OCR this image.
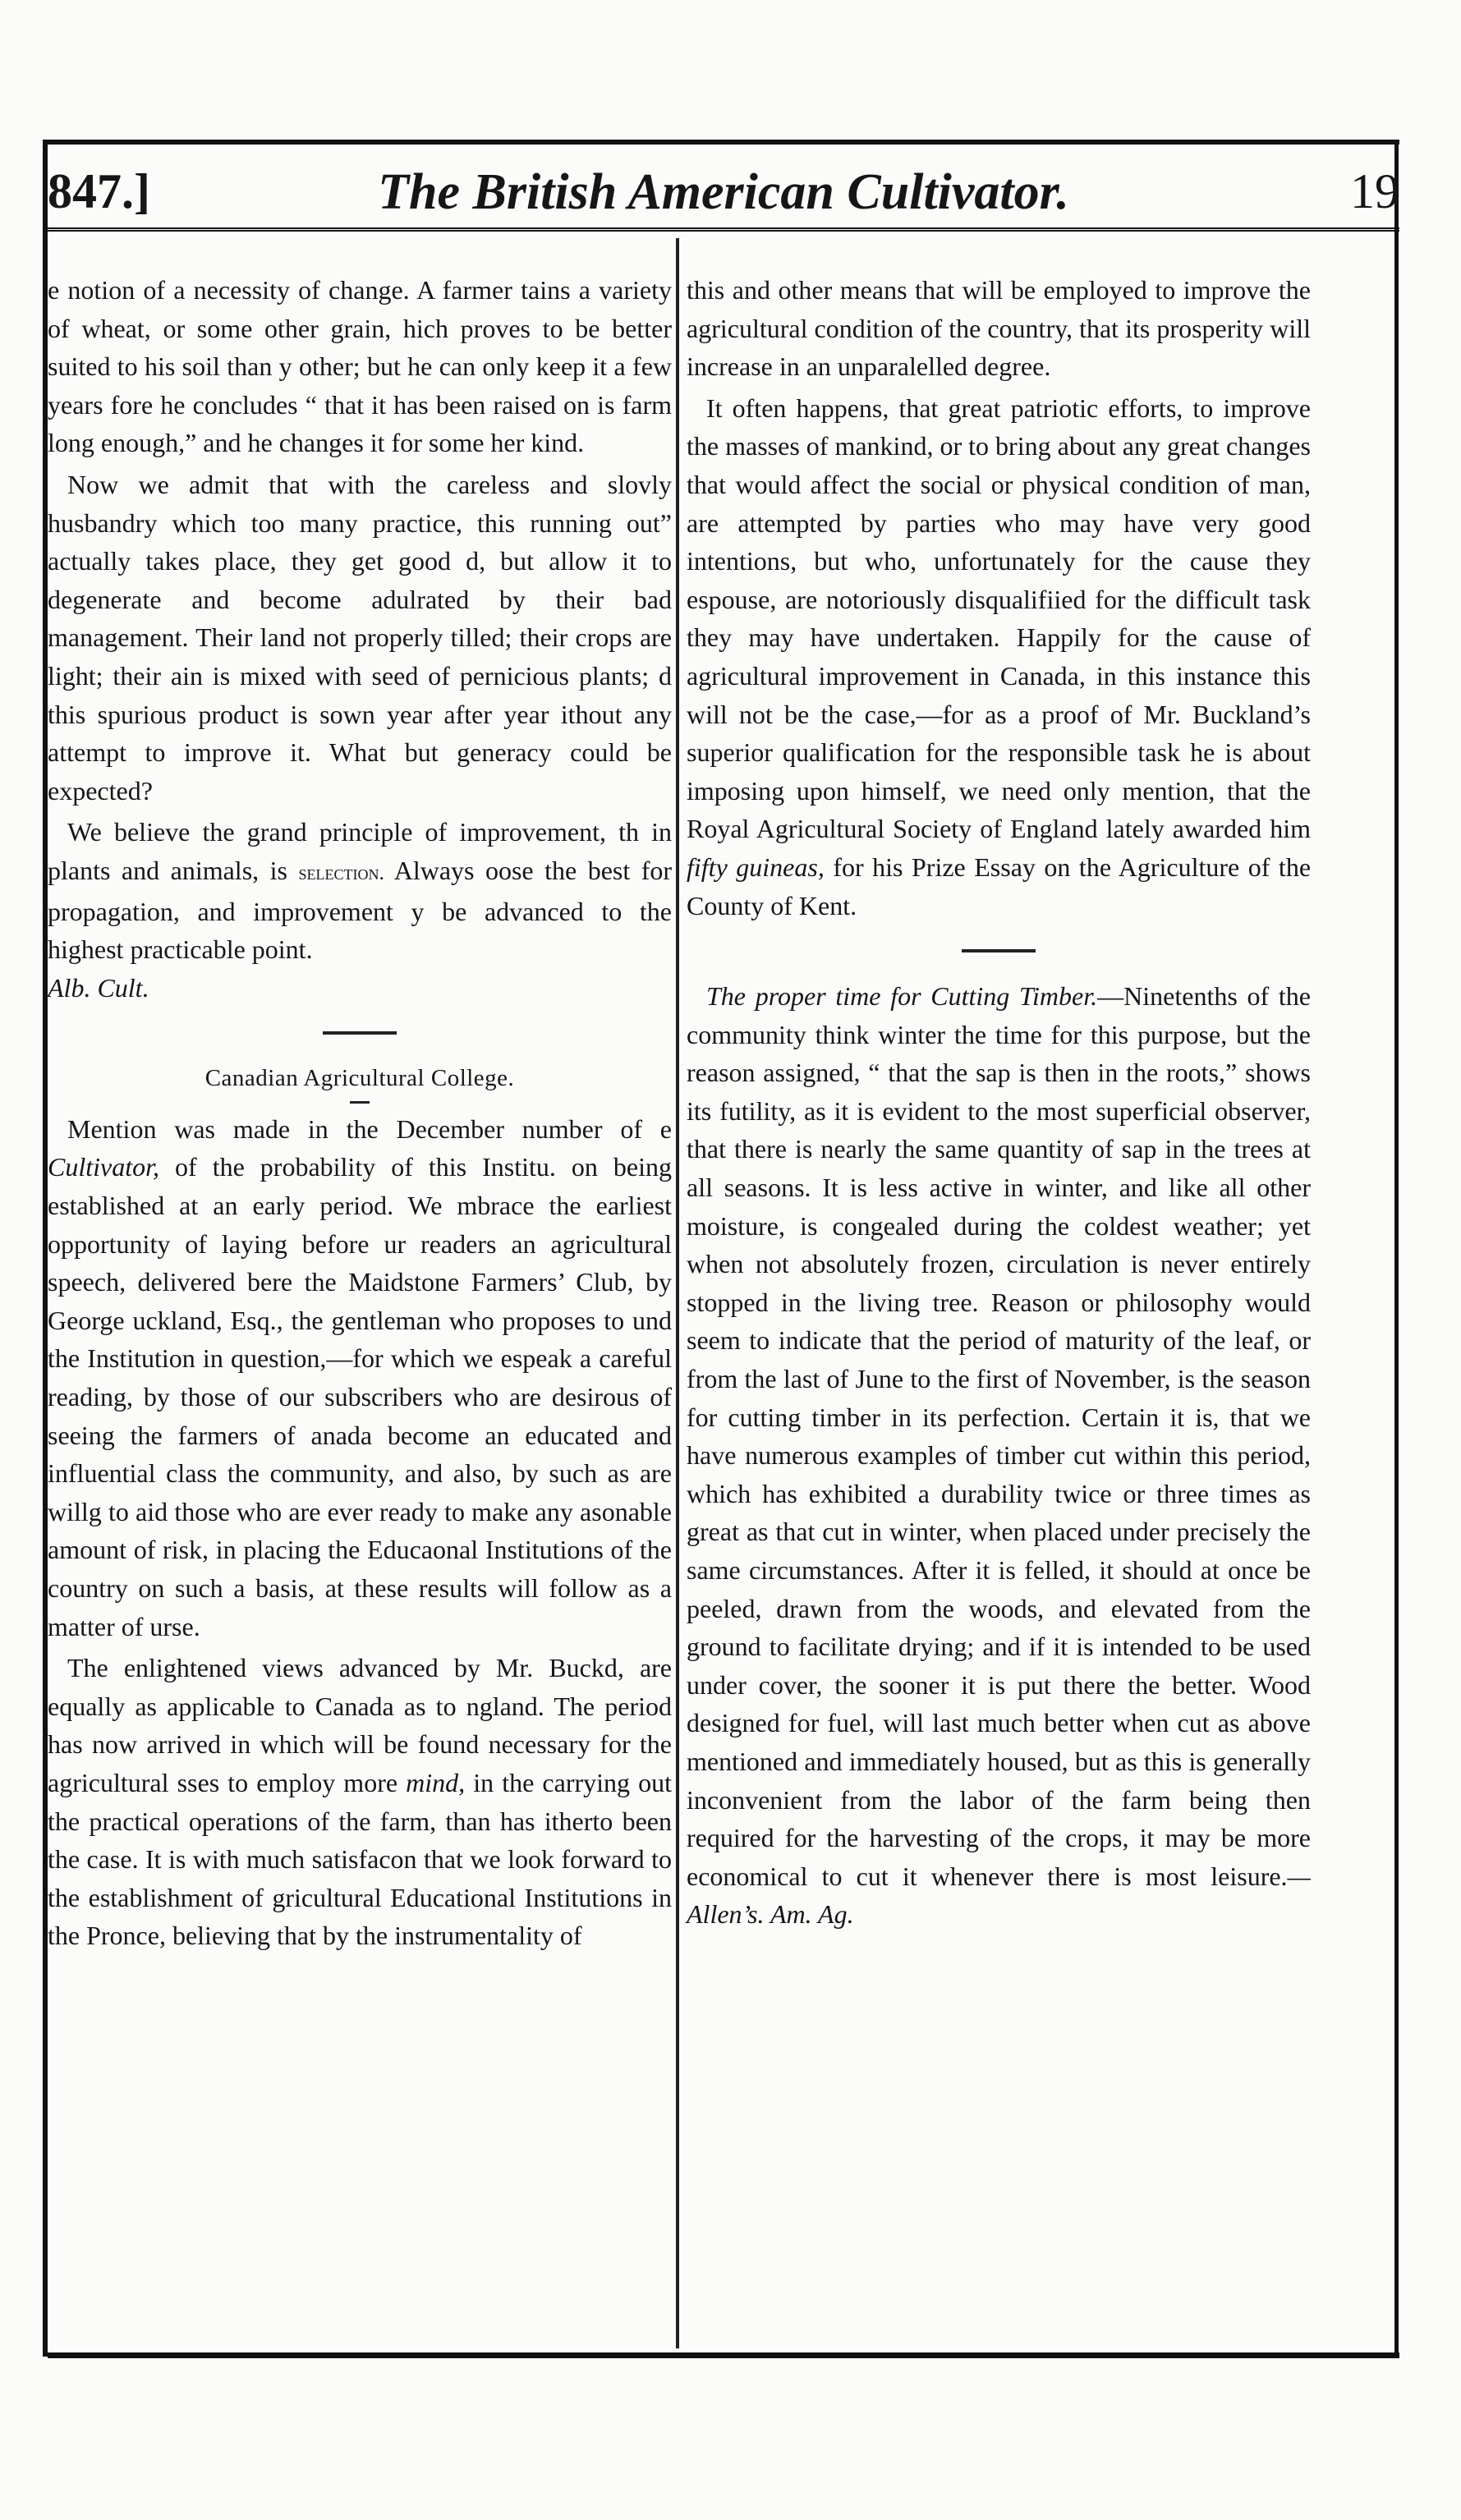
847.]	The British American Cultivator.	19

e notion of a necessity of change. A farmer tains a variety of wheat, or some other grain, hich proves to be better suited to his soil than y other; but he can only keep it a few years fore he concludes “ that it has been raised on is farm long enough,” and he changes it for some her kind.

Now we admit that with the careless and slovly husbandry which too many practice, this running out” actually takes place, they get good d, but allow it to degenerate and become adulrated by their bad management. Their land not properly tilled; their crops are light; their ain is mixed with seed of pernicious plants; d this spurious product is sown year after year ithout any attempt to improve it. What but generacy could be expected?

We believe the grand principle of improvement, th in plants and animals, is selection. Always oose the best for propagation, and improvement y be advanced to the highest practicable point.
Alb. Cult.

Canadian Agricultural College.

Mention was made in the December number of e Cultivator, of the probability of this Institu. on being established at an early period. We mbrace the earliest opportunity of laying before ur readers an agricultural speech, delivered bere the Maidstone Farmers’ Club, by George uckland, Esq., the gentleman who proposes to und the Institution in question,—for which we espeak a careful reading, by those of our subscribers who are desirous of seeing the farmers of anada become an educated and influential class the community, and also, by such as are willg to aid those who are ever ready to make any asonable amount of risk, in placing the Educaonal Institutions of the country on such a basis, at these results will follow as a matter of urse.

The enlightened views advanced by Mr. Buckd, are equally as applicable to Canada as to ngland. The period has now arrived in which will be found necessary for the agricultural sses to employ more mind, in the carrying out the practical operations of the farm, than has itherto been the case. It is with much satisfacon that we look forward to the establishment of gricultural Educational Institutions in the Pronce, believing that by the instrumentality of

this and other means that will be employed to improve the agricultural condition of the country, that its prosperity will increase in an unparalelled degree.

It often happens, that great patriotic efforts, to improve the masses of mankind, or to bring about any great changes that would affect the social or physical condition of man, are attempted by parties who may have very good intentions, but who, unfortunately for the cause they espouse, are notoriously disqualifiied for the difficult task they may have undertaken. Happily for the cause of agricultural improvement in Canada, in this instance this will not be the case,—for as a proof of Mr. Buckland’s superior qualification for the responsible task he is about imposing upon himself, we need only mention, that the Royal Agricultural Society of England lately awarded him fifty guineas, for his Prize Essay on the Agriculture of the County of Kent.

The proper time for Cutting Timber.—Ninetenths of the community think winter the time for this purpose, but the reason assigned, “ that the sap is then in the roots,” shows its futility, as it is evident to the most superficial observer, that there is nearly the same quantity of sap in the trees at all seasons. It is less active in winter, and like all other moisture, is congealed during the coldest weather; yet when not absolutely frozen, circulation is never entirely stopped in the living tree. Reason or philosophy would seem to indicate that the period of maturity of the leaf, or from the last of June to the first of November, is the season for cutting timber in its perfection. Certain it is, that we have numerous examples of timber cut within this period, which has exhibited a durability twice or three times as great as that cut in winter, when placed under precisely the same circumstances. After it is felled, it should at once be peeled, drawn from the woods, and elevated from the ground to facilitate drying; and if it is intended to be used under cover, the sooner it is put there the better. Wood designed for fuel, will last much better when cut as above mentioned and immediately housed, but as this is generally inconvenient from the labor of the farm being then required for the harvesting of the crops, it may be more economical to cut it whenever there is most leisure.—Allen’s. Am. Ag.
